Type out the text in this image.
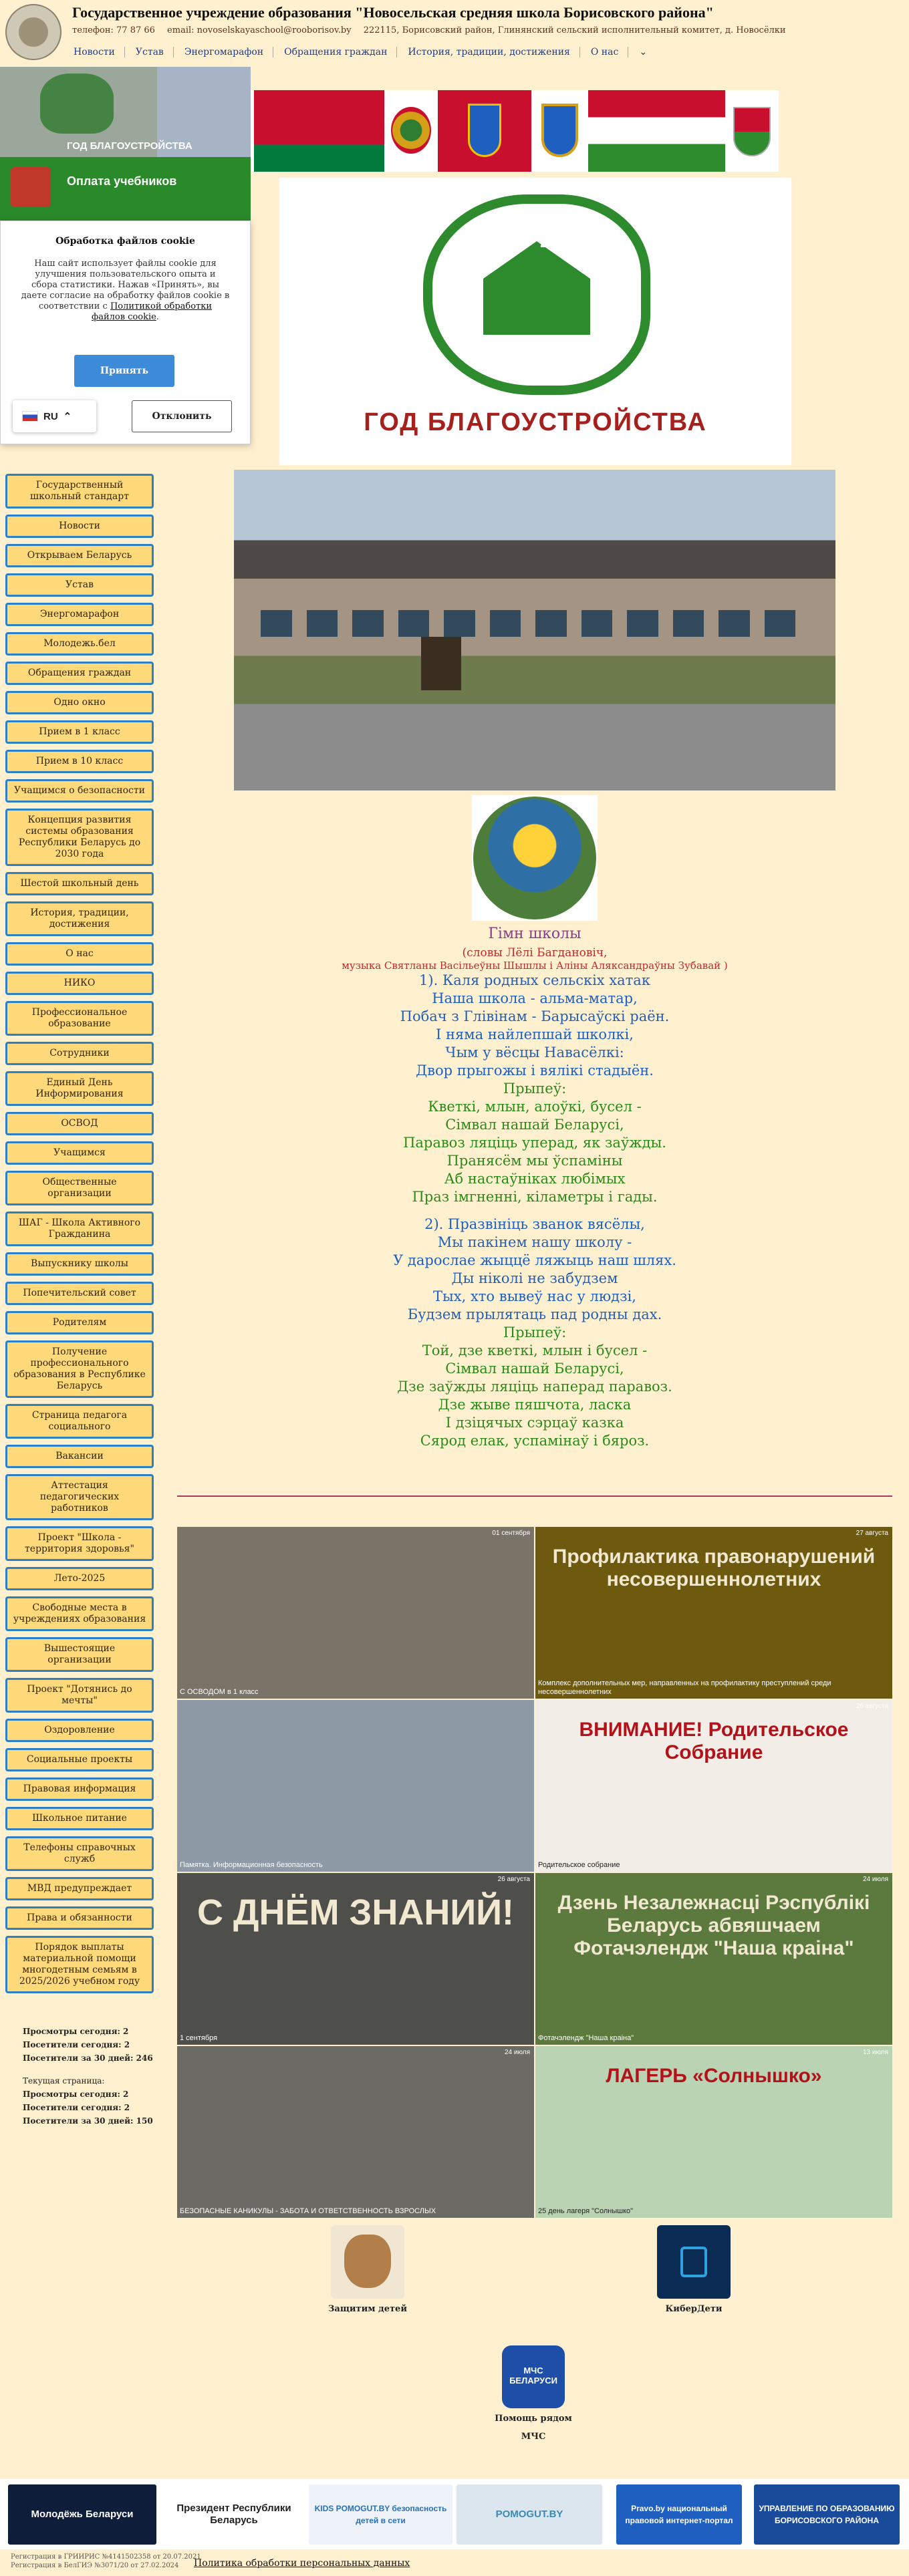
Государственное учреждение образования "Новосельская средняя школа Борисовского района"
телефон: 77 87 66 email: novoselskayaschool@rooborisov.by 222115, Борисовский район, Глинянский сельский исполнительный комитет, д. Новосёлки
Новости	Устав	Энергомарафон	Обращения граждан	История, традиции, достижения	О нас	⌄
ГОД БЛАГОУСТРОЙСТВА
Оплата учебников
Обработка файлов cookie

Наш сайт использует файлы cookie для улучшения пользовательского опыта и сбора статистики. Нажав «Принять», вы даете согласие на обработку файлов cookie в соответствии с Политикой обработки файлов cookie.

Принять
RU ⌃	Отклонить
Государственный школьный стандарт
Новости
Открываем Беларусь
Устав
Энергомарафон
Молодежь.бел
Обращения граждан
Одно окно
Прием в 1 класс
Прием в 10 класс
Учащимся о безопасности
Концепция развития системы образования Республики Беларусь до 2030 года
Шестой школьный день
История, традиции, достижения
О нас
НИКО
Профессиональное образование
Сотрудники
Единый День Информирования
ОСВОД
Учащимся
Общественные организации
ШАГ - Школа Активного Гражданина
Выпускнику школы
Попечительский совет
Родителям
Получение профессионального образования в Республике Беларусь
Страница педагога социального
Вакансии
Аттестация педагогических работников
Проект "Школа - территория здоровья"
Лето-2025
Свободные места в учреждениях образования
Вышестоящие организации
Проект "Дотянись до мечты"
Оздоровление
Социальные проекты
Правовая информация
Школьное питание
Телефоны справочных служб
МВД предупреждает
Права и обязанности
Порядок выплаты материальной помощи многодетным семьям в 2025/2026 учебном году
Просмотры сегодня: 2
Посетители сегодня: 2
Посетители за 30 дней: 246
Текущая страница:
Просмотры сегодня: 2
Посетители сегодня: 2
Посетители за 30 дней: 150
2025
ГОД БЛАГОУСТРОЙСТВА
Гімн школы
(словы Лёлі Багдановіч,
музыка Святланы Васільеўны Шышлы і Аліны Аляксандраўны Зубавай )
1). Каля родных сельскіх хатак
Наша школа - альма-матар,
Побач з Глівінам - Барысаўскі раён.
І няма найлепшай школкі,
Чым у вёсцы Навасёлкі:
Двор прыгожы і вялікі стадыён.
Прыпеў:
Кветкі, млын, алоўкі, бусел -
Сімвал нашай Беларусі,
Паравоз ляціць уперад, як заўжды.
Пранясём мы ўспаміны
Аб настаўніках любімых
Праз імгненні, кіламетры і гады.
2). Празвініць званок вясёлы,
Мы пакінем нашу школу -
У дарослае жыццё ляжыць наш шлях.
Ды ніколі не забудзем
Тых, хто вывеў нас у людзі,
Будзем прылятаць пад родны дах.
Прыпеў:
Той, дзе кветкі, млын і бусел -
Сімвал нашай Беларусі,
Дзе заўжды ляціць наперад паравоз.
Дзе жыве пяшчота, ласка
І дзіцячых сэрцаў казка
Сярод елак, успамінаў і бяроз.
01 сентября
С ОСВОДОМ в 1 класс
Профилактика правонарушений несовершеннолетних
27 августа
Комплекс дополнительных мер, направленных на профилактику преступлений среди несовершеннолетних
Памятка. Информационная безопасность
ВНИМАНИЕ! Родительское Собрание
26 августа
Родительское собрание
С ДНЁМ ЗНАНИЙ!
26 августа
1 сентября
Дзень Незалежнасці Рэспублікі Беларусь абвяшчаем Фотачэлендж "Наша краіна"
24 июля
Фотачэлендж "Наша краіна"
24 июля
БЕЗОПАСНЫЕ КАНИКУЛЫ - ЗАБОТА И ОТВЕТСТВЕННОСТЬ ВЗРОСЛЫХ
ЛАГЕРЬ «Солнышко»
13 июля
25 день лагеря "Солнышко"
Защитим детей	КиберДети
МЧС
БЕЛАРУСИ
Помощь рядом
МЧС
Молодёжь Беларуси
Президент Республики Беларусь
KIDS POMOGUT.BY безопасность детей в сети
POMOGUT.BY	Pravo.by национальный правовой интернет-портал
УПРАВЛЕНИЕ ПО ОБРАЗОВАНИЮ БОРИСОВСКОГО РАЙОНА
Регистрация в ГРИИРИС №4141502358 от 20.07.2021
Регистрация в БелГИЭ №3071/20 от 27.02.2024	Политика обработки персональных данных
